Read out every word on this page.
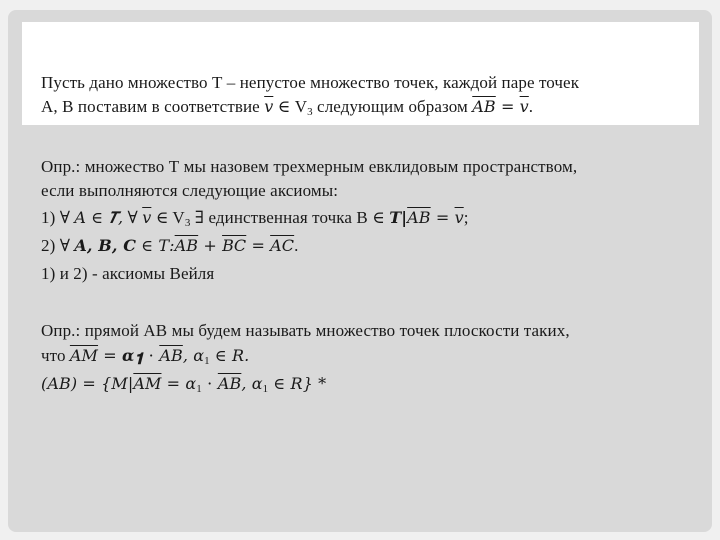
Пусть дано множество Т – непустое множество точек, каждой паре точек
А, В поставим в соответствие 𝑣 ∈ $V_3$ следующим образом 𝐴𝐵 = 𝑣.
Опр.: множество Т мы назовем трехмерным евклидовым пространством,
если выполняются следующие аксиомы:
1) ∀ 𝐴 ∈ 𝑻, ∀ 𝑣 ∈ $V_3$ ∃ единственная точка В ∈ 𝑻|𝐴𝐵 = 𝑣;
2) ∀ 𝑨, 𝑩, 𝑪 ∈ 𝑇:𝐴𝐵 + 𝐵𝐶 = 𝐴𝐶.
1) и 2) - аксиомы Вейля
Опр.: прямой АВ мы будем называть множество точек плоскости таких,
что 𝐴𝑀 = 𝜶$_𝟏$ ⋅ 𝐴𝐵, 𝛼$_1$ ∈ 𝑅.
(𝐴𝐵) = {𝑀|𝐴𝑀 = 𝛼$_1$ ⋅ 𝐴𝐵, 𝛼$_1$ ∈ 𝑅} *
